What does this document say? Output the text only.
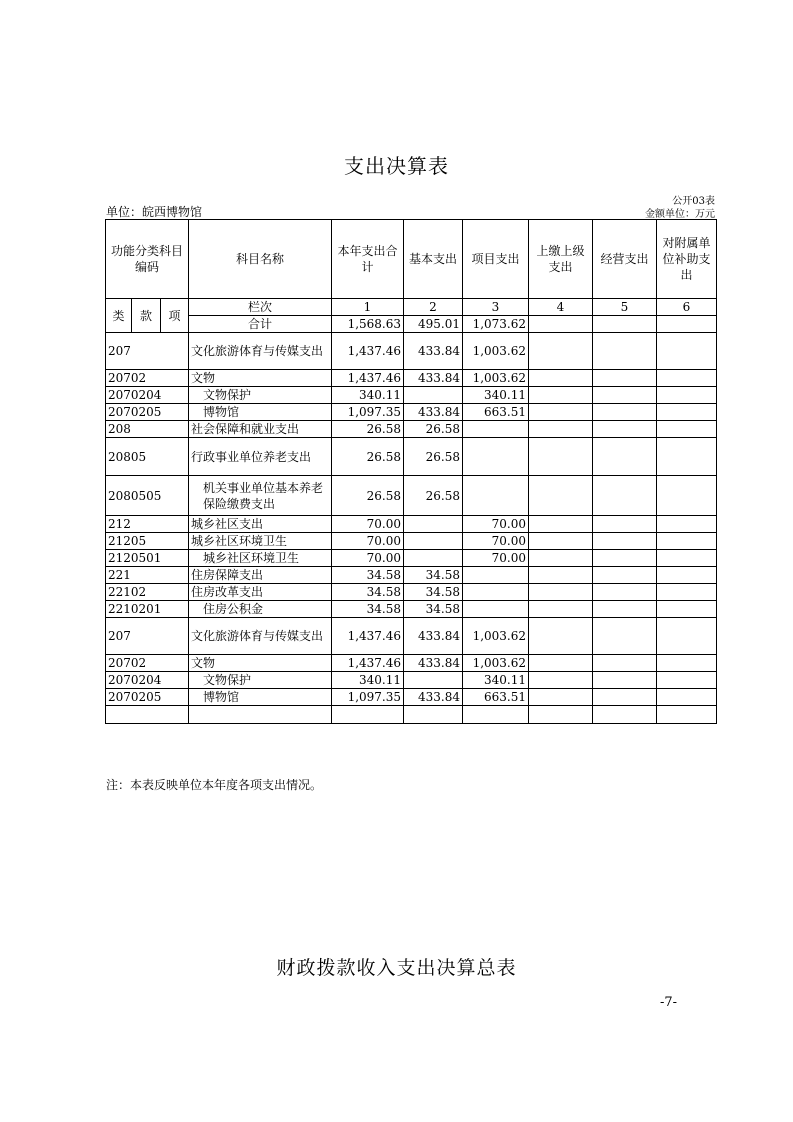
支出决算表
公开03表
单位：皖西博物馆	金额单位：万元
功能分类科目编码			科目名称	本年支出合计	基本支出	项目支出	上缴上级支出	经营支出	对附属单位补助支出
类	款	项	栏次	1	2	3	4	5	6
			合计	1,568.63	495.01	1,073.62			
207			文化旅游体育与传媒支出	1,437.46	433.84	1,003.62			
20702			文物	1,437.46	433.84	1,003.62			
2070204			文物保护	340.11		340.11			
2070205			博物馆	1,097.35	433.84	663.51			
208			社会保障和就业支出	26.58	26.58				
20805			行政事业单位养老支出	26.58	26.58				
2080505			机关事业单位基本养老保险缴费支出	26.58	26.58				
212			城乡社区支出	70.00		70.00			
21205			城乡社区环境卫生	70.00		70.00			
2120501			城乡社区环境卫生	70.00		70.00			
221			住房保障支出	34.58	34.58				
22102			住房改革支出	34.58	34.58				
2210201			住房公积金	34.58	34.58				
207			文化旅游体育与传媒支出	1,437.46	433.84	1,003.62			
20702			文物	1,437.46	433.84	1,003.62			
2070204			文物保护	340.11		340.11			
2070205			博物馆	1,097.35	433.84	663.51			

注：本表反映单位本年度各项支出情况。
财政拨款收入支出决算总表
-7-
